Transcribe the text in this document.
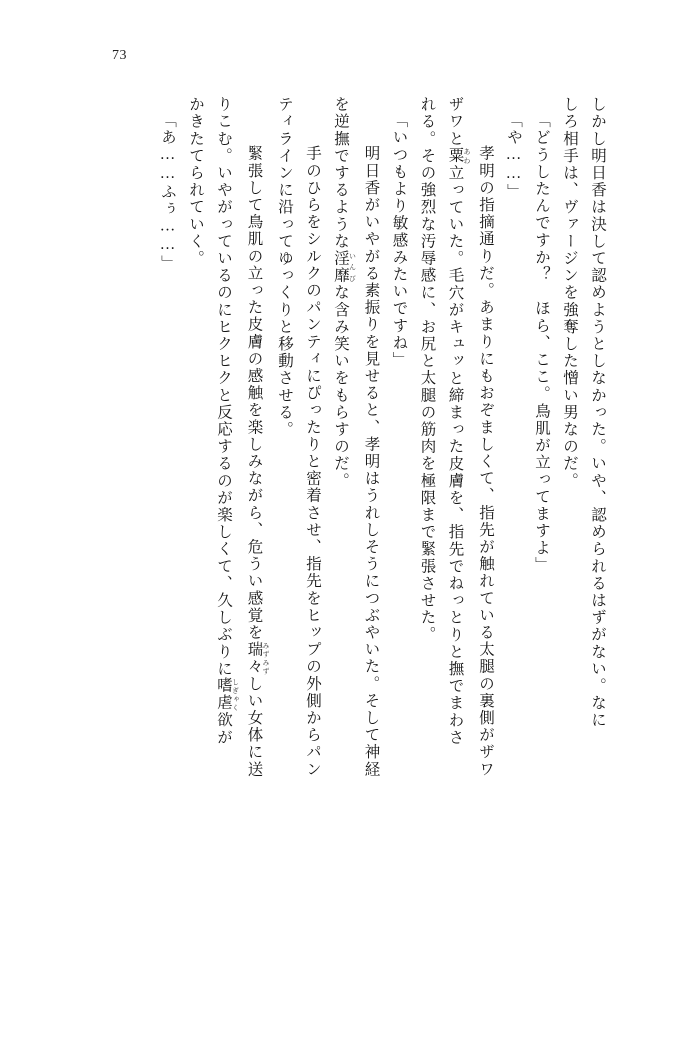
73
しかし明日香は決して認めようとしなかった。いや、認められるはずがない。なに
しろ相手は、ヴァージンを強奪した憎い男なのだ。
「どうしたんですか？　ほら、ここ。鳥肌が立ってますよ」
「や……」
　孝明の指摘通りだ。あまりにもおぞましくて、指先が触れている太腿の裏側がザワ
ザワと粟 あわ立っていた。毛穴がキュッと締まった皮膚を、指先でねっとりと撫でまわさ
れる。その強烈な汚辱感に、お尻と太腿の筋肉を極限まで緊張させた。
「いつもより敏感みたいですね」
　明日香がいやがる素振りを見せると、孝明はうれしそうにつぶやいた。そして神経
を逆撫でするような淫靡 いんびな含み笑いをもらすのだ。
　手のひらをシルクのパンティにぴったりと密着させ、指先をヒップの外側からパン
ティラインに沿ってゆっくりと移動させる。
　緊張して鳥肌の立った皮膚の感触を楽しみながら、危うい感覚を瑞々 みずみずしい女体に送
りこむ。いやがっているのにヒクヒクと反応するのが楽しくて、久しぶりに嗜虐 しぎゃく欲が
かきたてられていく。
「あ……ふぅ……」
